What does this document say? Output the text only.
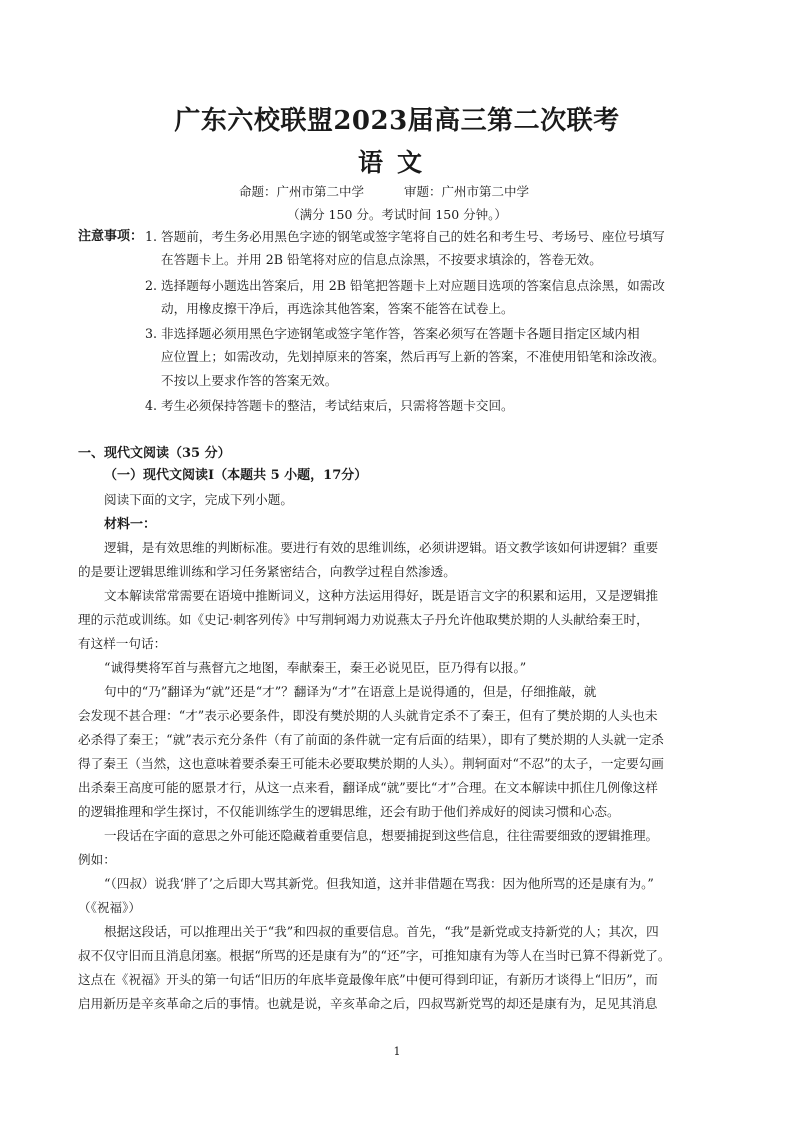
广东六校联盟2023届高三第二次联考
语文
命题：广州市第二中学	审题：广州市第二中学
（满分 150 分。考试时间 150 分钟。）
注意事项： 1. 答题前，考生务必用黑色字迹的钢笔或签字笔将自己的姓名和考生号、考场号、座位号填写
在答题卡上。并用 2B 铅笔将对应的信息点涂黑，不按要求填涂的，答卷无效。
2. 选择题每小题选出答案后，用 2B 铅笔把答题卡上对应题目选项的答案信息点涂黑，如需改
动，用橡皮擦干净后，再选涂其他答案，答案不能答在试卷上。
3. 非选择题必须用黑色字迹钢笔或签字笔作答，答案必须写在答题卡各题目指定区域内相
应位置上；如需改动，先划掉原来的答案，然后再写上新的答案，不准使用铅笔和涂改液。
不按以上要求作答的答案无效。
4. 考生必须保持答题卡的整洁，考试结束后，只需将答题卡交回。
一、现代文阅读（35 分）
（一）现代文阅读Ⅰ（本题共 5 小题，17分）
阅读下面的文字，完成下列小题。
材料一：
逻辑，是有效思维的判断标准。要进行有效的思维训练，必须讲逻辑。语文教学该如何讲逻辑？重要
的是要让逻辑思维训练和学习任务紧密结合，向教学过程自然渗透。
文本解读常常需要在语境中推断词义，这种方法运用得好，既是语言文字的积累和运用，又是逻辑推
理的示范或训练。如《史记·刺客列传》中写荆轲竭力劝说燕太子丹允许他取樊於期的人头献给秦王时，
有这样一句话：
“诚得樊将军首与燕督亢之地图，奉献秦王，秦王必说见臣，臣乃得有以报。”
句中的“乃”翻译为“就”还是“才”？翻译为“才”在语意上是说得通的，但是，仔细推敲，就
会发现不甚合理：“才”表示必要条件，即没有樊於期的人头就肯定杀不了秦王，但有了樊於期的人头也未
必杀得了秦王；“就”表示充分条件（有了前面的条件就一定有后面的结果），即有了樊於期的人头就一定杀
得了秦王（当然，这也意味着要杀秦王可能未必要取樊於期的人头）。荆轲面对“不忍”的太子，一定要勾画
出杀秦王高度可能的愿景才行，从这一点来看，翻译成“就”要比“才”合理。在文本解读中抓住几例像这样
的逻辑推理和学生探讨，不仅能训练学生的逻辑思维，还会有助于他们养成好的阅读习惯和心态。
一段话在字面的意思之外可能还隐藏着重要信息，想要捕捉到这些信息，往往需要细致的逻辑推理。
例如：
“（四叔）说我‘胖了’之后即大骂其新党。但我知道，这并非借题在骂我：因为他所骂的还是康有为。”
（《祝福》）
根据这段话，可以推理出关于“我”和四叔的重要信息。首先，“我”是新党或支持新党的人；其次，四
叔不仅守旧而且消息闭塞。根据“所骂的还是康有为”的“还”字，可推知康有为等人在当时已算不得新党了。
这点在《祝福》开头的第一句话“旧历的年底毕竟最像年底”中便可得到印证，有新历才谈得上“旧历”，而
启用新历是辛亥革命之后的事情。也就是说，辛亥革命之后，四叔骂新党骂的却还是康有为，足见其消息
1
